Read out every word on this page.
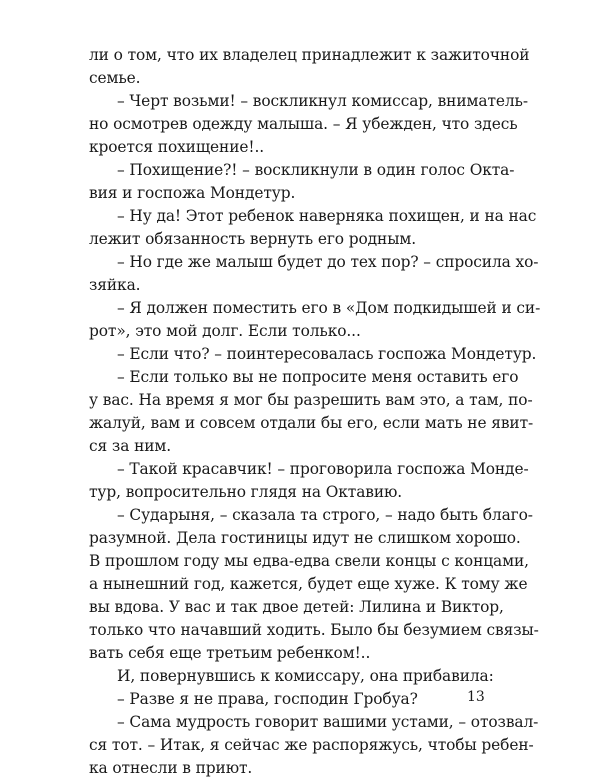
ли о том, что их владелец принадлежит к зажиточной
семье.
– Черт возьми! – воскликнул комиссар, вниматель-
но осмотрев одежду малыша. – Я убежден, что здесь
кроется похищение!..
– Похищение?! – воскликнули в один голос Окта-
вия и госпожа Мондетур.
– Ну да! Этот ребенок наверняка похищен, и на нас
лежит обязанность вернуть его родным.
– Но где же малыш будет до тех пор? – спросила хо-
зяйка.
– Я должен поместить его в «Дом подкидышей и си-
рот», это мой долг. Если только...
– Если что? – поинтересовалась госпожа Мондетур.
– Если только вы не попросите меня оставить его
у вас. На время я мог бы разрешить вам это, а там, по-
жалуй, вам и совсем отдали бы его, если мать не явит-
ся за ним.
– Такой красавчик! – проговорила госпожа Монде-
тур, вопросительно глядя на Октавию.
– Сударыня, – сказала та строго, – надо быть благо-
разумной. Дела гостиницы идут не слишком хорошо.
В прошлом году мы едва-едва свели концы с концами,
а нынешний год, кажется, будет еще хуже. К тому же
вы вдова. У вас и так двое детей: Лилина и Виктор,
только что начавший ходить. Было бы безумием связы-
вать себя еще третьим ребенком!..
И, повернувшись к комиссару, она прибавила:
– Разве я не права, господин Гробуа?
– Сама мудрость говорит вашими устами, – отозвал-
ся тот. – Итак, я сейчас же распоряжусь, чтобы ребен-
ка отнесли в приют.
13
